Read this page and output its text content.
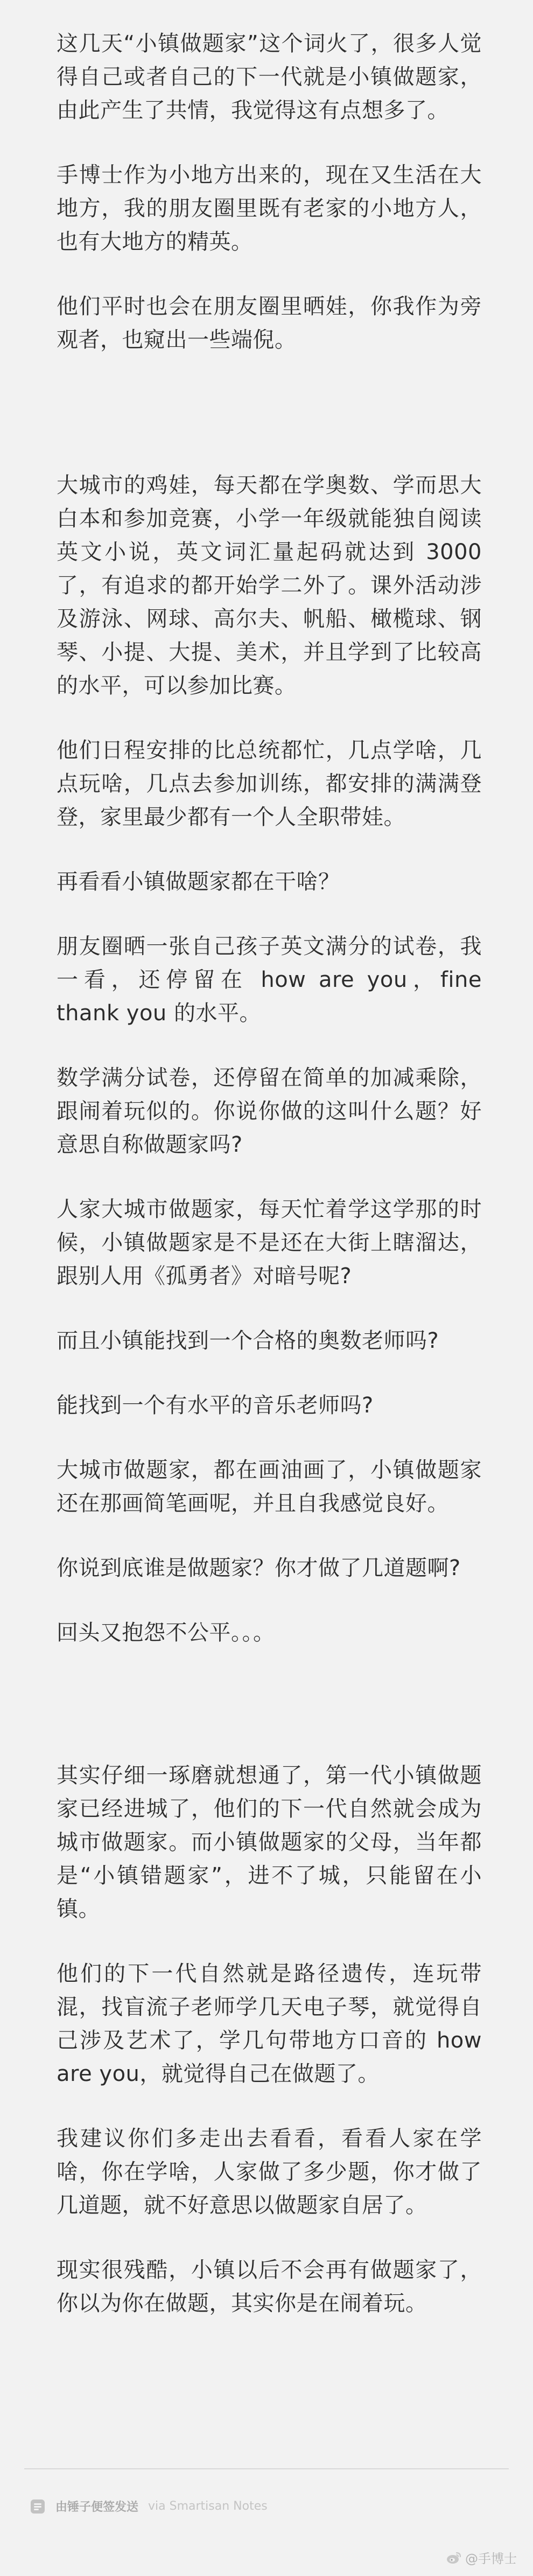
这几天“小镇做题家”这个词火了，很多人觉得自己或者自己的下一代就是小镇做题家，由此产生了共情，我觉得这有点想多了。

手博士作为小地方出来的，现在又生活在大地方，我的朋友圈里既有老家的小地方人，也有大地方的精英。

他们平时也会在朋友圈里晒娃，你我作为旁观者，也窥出一些端倪。

大城市的鸡娃，每天都在学奥数、学而思大白本和参加竞赛，小学一年级就能独自阅读英文小说，英文词汇量起码就达到 3000 了，有追求的都开始学二外了。课外活动涉及游泳、网球、高尔夫、帆船、橄榄球、钢琴、小提、大提、美术，并且学到了比较高的水平，可以参加比赛。

他们日程安排的比总统都忙，几点学啥，几点玩啥，几点去参加训练，都安排的满满登登，家里最少都有一个人全职带娃。

再看看小镇做题家都在干啥？

朋友圈晒一张自己孩子英文满分的试卷，我一看，还停留在 how are you，fine thank you 的水平。

数学满分试卷，还停留在简单的加减乘除，跟闹着玩似的。你说你做的这叫什么题？好意思自称做题家吗?

人家大城市做题家，每天忙着学这学那的时候，小镇做题家是不是还在大街上瞎溜达，跟别人用《孤勇者》对暗号呢?

而且小镇能找到一个合格的奥数老师吗?

能找到一个有水平的音乐老师吗?

大城市做题家，都在画油画了，小镇做题家还在那画简笔画呢，并且自我感觉良好。

你说到底谁是做题家？你才做了几道题啊?

回头又抱怨不公平。。。

其实仔细一琢磨就想通了，第一代小镇做题家已经进城了，他们的下一代自然就会成为城市做题家。而小镇做题家的父母，当年都是“小镇错题家”，进不了城，只能留在小镇。

他们的下一代自然就是路径遗传，连玩带混，找盲流子老师学几天电子琴，就觉得自己涉及艺术了，学几句带地方口音的 how are you，就觉得自己在做题了。

我建议你们多走出去看看，看看人家在学啥，你在学啥，人家做了多少题，你才做了几道题，就不好意思以做题家自居了。

现实很残酷，小镇以后不会再有做题家了，你以为你在做题，其实你是在闹着玩。

由锤子便签发送 via Smartisan Notes
@手博士
